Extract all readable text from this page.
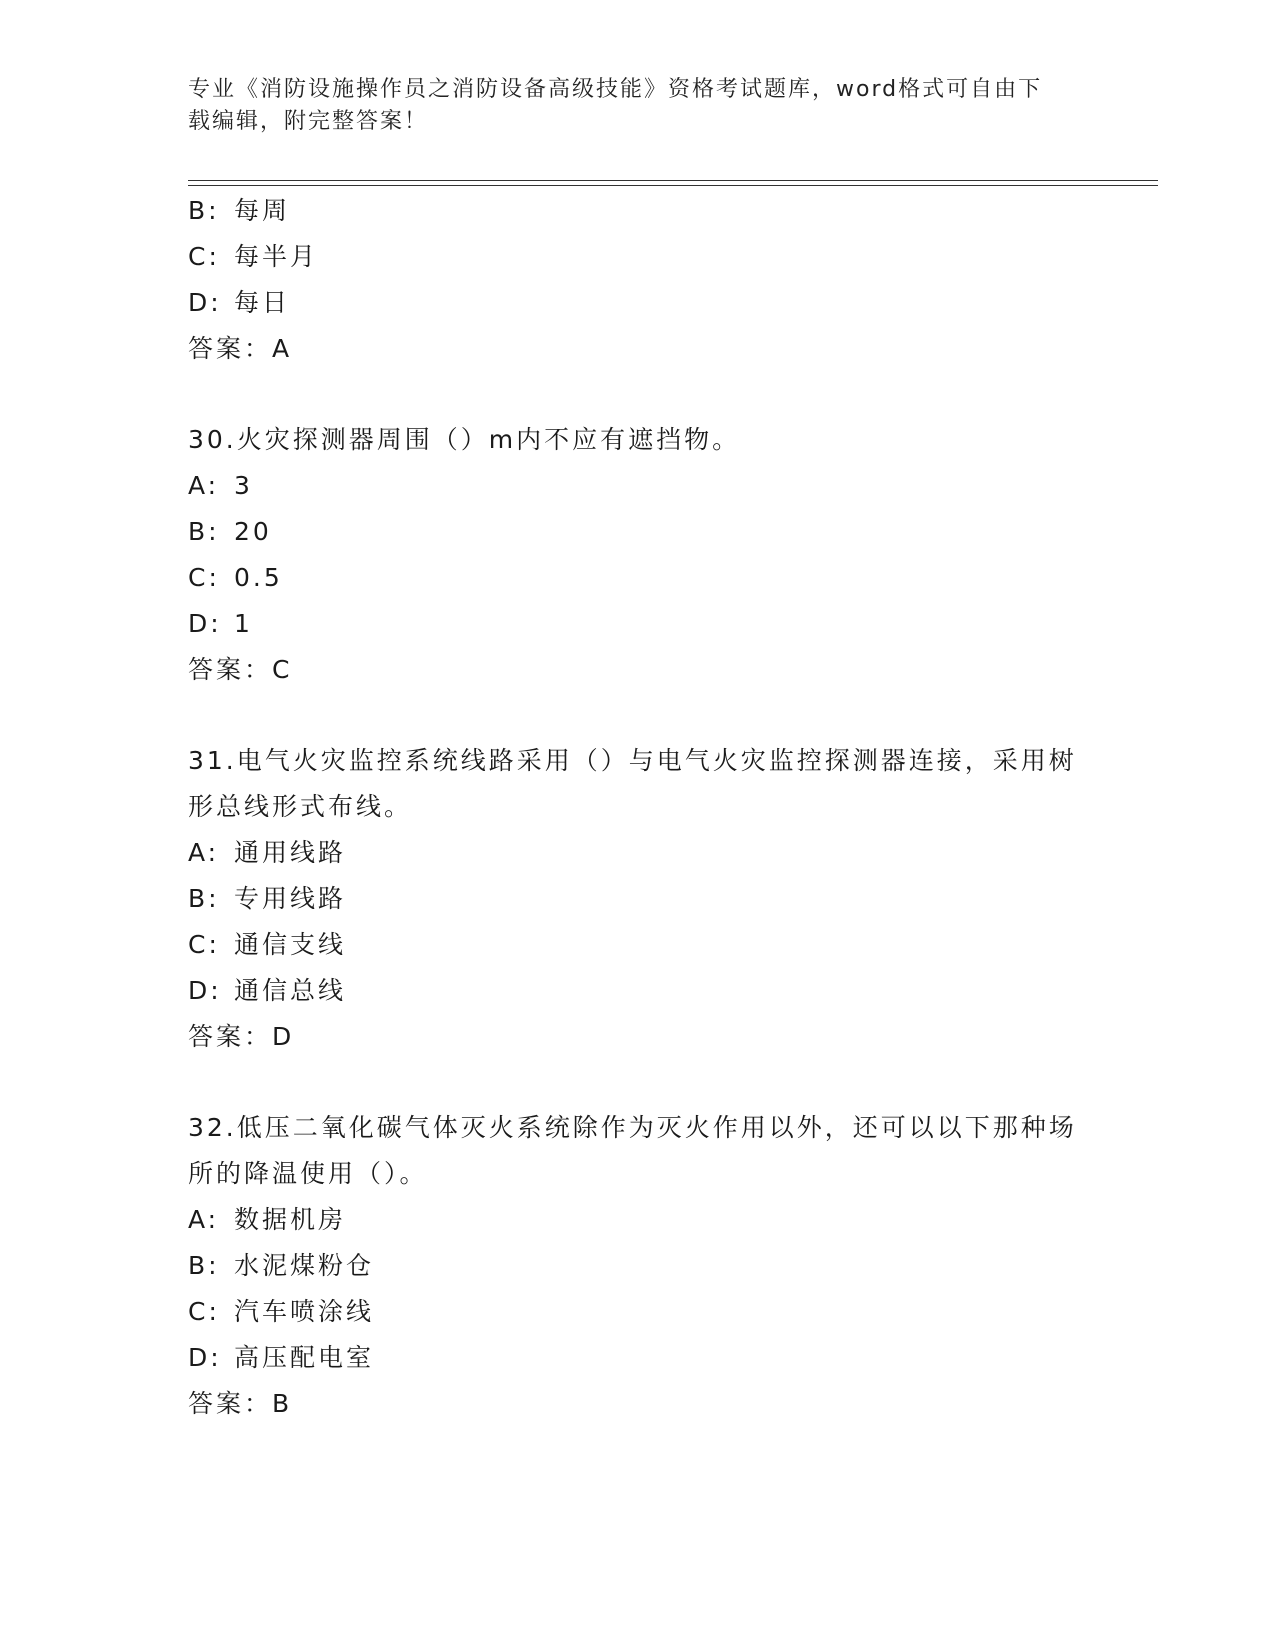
专业《消防设施操作员之消防设备高级技能》资格考试题库，word格式可自由下
载编辑，附完整答案！
B: 每周
C: 每半月
D: 每日
答案：A
30.火灾探测器周围（）m内不应有遮挡物。
A: 3
B: 20
C: 0.5
D: 1
答案：C
31.电气火灾监控系统线路采用（）与电气火灾监控探测器连接，采用树形总线形式布线。
A: 通用线路
B: 专用线路
C: 通信支线
D: 通信总线
答案：D
32.低压二氧化碳气体灭火系统除作为灭火作用以外，还可以以下那种场所的降温使用（）。
A: 数据机房
B: 水泥煤粉仓
C: 汽车喷涂线
D: 高压配电室
答案：B
